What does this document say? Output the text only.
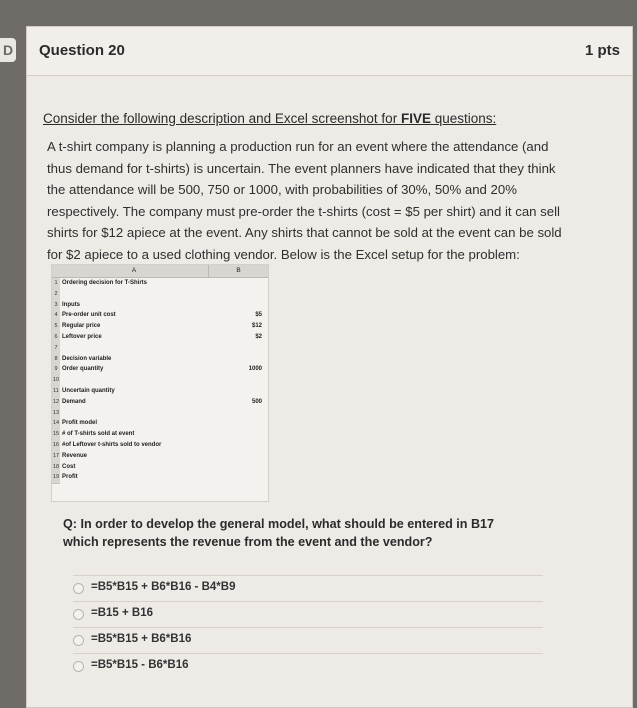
D Question 20	1 pts
Consider the following description and Excel screenshot for FIVE questions:
A t-shirt company is planning a production run for an event where the attendance (and thus demand for t-shirts) is uncertain. The event planners have indicated that they think the attendance will be 500, 750 or 1000, with probabilities of 30%, 50% and 20% respectively. The company must pre-order the t-shirts (cost = $5 per shirt) and it can sell shirts for $12 apiece at the event. Any shirts that cannot be sold at the event can be sold for $2 apiece to a used clothing vendor. Below is the Excel setup for the problem:
A	B
1 Ordering decision for T-Shirts
2
3 Inputs
4 Pre-order unit cost	$5
5 Regular price	$12
6 Leftover price	$2
7
8 Decision variable
9 Order quantity	1000
10
11 Uncertain quantity
12 Demand	500
13
14 Profit model
15 # of T-shirts sold at event
16 #of Leftover t-shirts sold to vendor
17 Revenue
18 Cost
19 Profit
Q: In order to develop the general model, what should be entered in B17 which represents the revenue from the event and the vendor?
=B5*B15 + B6*B16 - B4*B9
=B15 + B16
=B5*B15 + B6*B16
=B5*B15 - B6*B16
